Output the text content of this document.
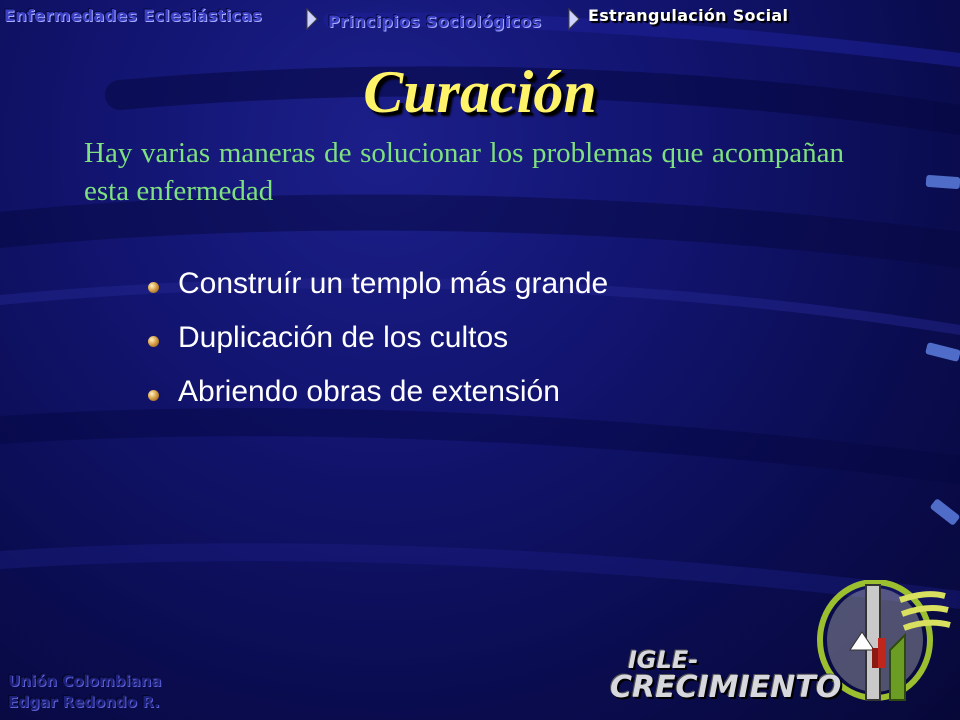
Enfermedades Eclesiásticas	Principios Sociológicos	Estrangulación Social
Curación

Hay varias maneras de solucionar los problemas que acompañan esta enfermedad

Construír un templo más grande
Duplicación de los cultos
Abriendo obras de extensión
Unión Colombiana
Edgar Redondo R.
IGLE-
CRECIMIENTO
